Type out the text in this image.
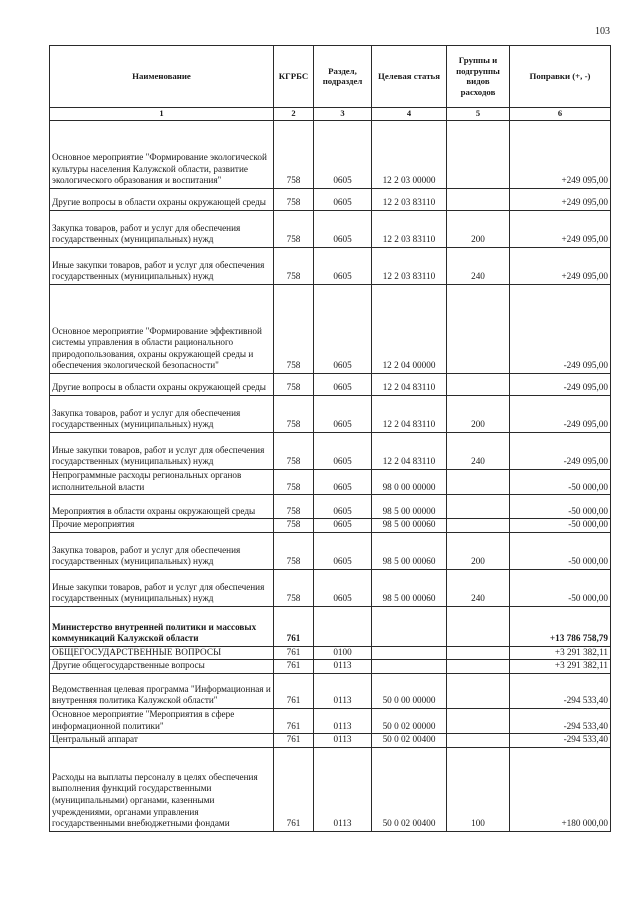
103
Наименование	КГРБС	Раздел, подраздел	Целевая статья	Группы и подгруппы видов расходов	Поправки (+, -)
1	2	3	4	5	6
Основное мероприятие "Формирование экологической культуры населения Калужской области, развитие экологического образования и воспитания"	758	0605	12 2 03 00000		+249 095,00
Другие вопросы в области охраны окружающей среды	758	0605	12 2 03 83110		+249 095,00
Закупка товаров, работ и услуг для обеспечения государственных (муниципальных) нужд	758	0605	12 2 03 83110	200	+249 095,00
Иные закупки товаров, работ и услуг для обеспечения государственных (муниципальных) нужд	758	0605	12 2 03 83110	240	+249 095,00
Основное мероприятие "Формирование эффективной системы управления в области рационального природопользования, охраны окружающей среды и обеспечения экологической безопасности"	758	0605	12 2 04 00000		-249 095,00
Другие вопросы в области охраны окружающей среды	758	0605	12 2 04 83110		-249 095,00
Закупка товаров, работ и услуг для обеспечения государственных (муниципальных) нужд	758	0605	12 2 04 83110	200	-249 095,00
Иные закупки товаров, работ и услуг для обеспечения государственных (муниципальных) нужд	758	0605	12 2 04 83110	240	-249 095,00
Непрограммные расходы региональных органов исполнительной власти	758	0605	98 0 00 00000		-50 000,00
Мероприятия в области охраны окружающей среды	758	0605	98 5 00 00000		-50 000,00
Прочие мероприятия	758	0605	98 5 00 00060		-50 000,00
Закупка товаров, работ и услуг для обеспечения государственных (муниципальных) нужд	758	0605	98 5 00 00060	200	-50 000,00
Иные закупки товаров, работ и услуг для обеспечения государственных (муниципальных) нужд	758	0605	98 5 00 00060	240	-50 000,00
Министерство внутренней политики и массовых коммуникаций Калужской области	761				+13 786 758,79
ОБЩЕГОСУДАРСТВЕННЫЕ ВОПРОСЫ	761	0100			+3 291 382,11
Другие общегосударственные вопросы	761	0113			+3 291 382,11
Ведомственная целевая программа "Информационная и внутренняя политика Калужской области"	761	0113	50 0 00 00000		-294 533,40
Основное мероприятие "Мероприятия в сфере информационной политики"	761	0113	50 0 02 00000		-294 533,40
Центральный аппарат	761	0113	50 0 02 00400		-294 533,40
Расходы на выплаты персоналу в целях обеспечения выполнения функций государственными (муниципальными) органами, казенными учреждениями, органами управления государственными внебюджетными фондами	761	0113	50 0 02 00400	100	+180 000,00
